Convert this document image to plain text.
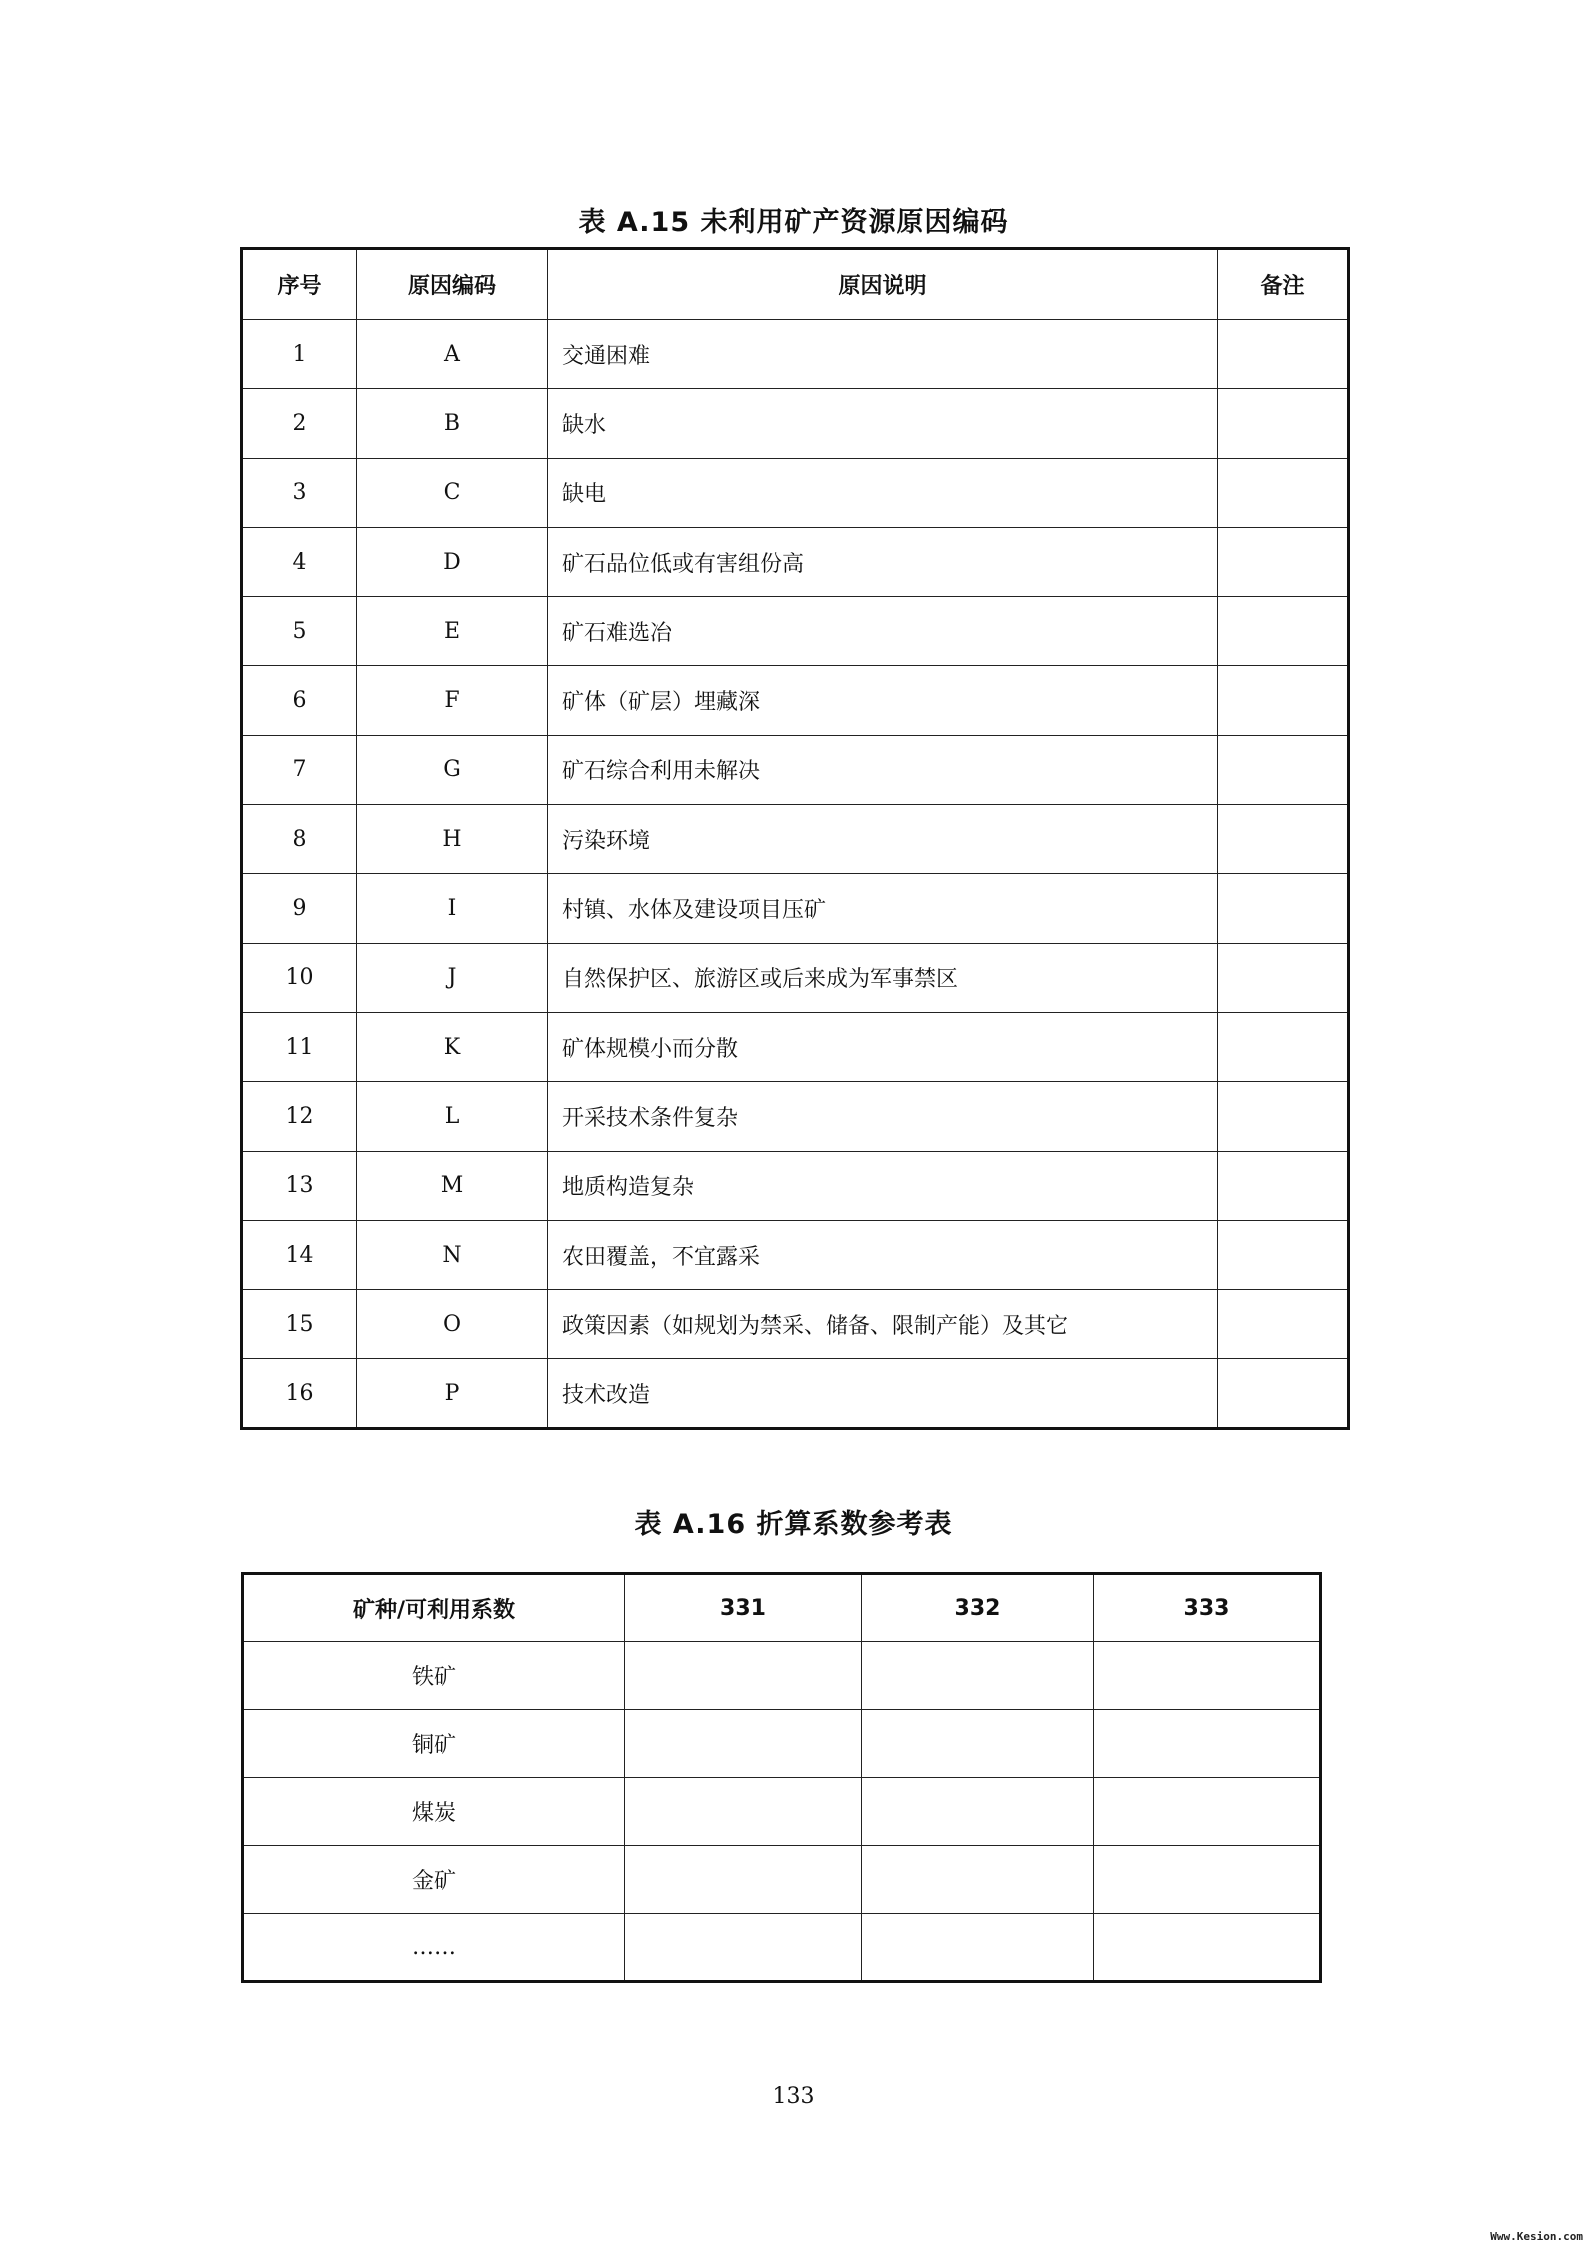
表 A.15 未利用矿产资源原因编码
序号	原因编码	原因说明	备注
1	A	交通困难	
2	B	缺水	
3	C	缺电	
4	D	矿石品位低或有害组份高	
5	E	矿石难选冶	
6	F	矿体（矿层）埋藏深	
7	G	矿石综合利用未解决	
8	H	污染环境	
9	I	村镇、水体及建设项目压矿	
10	J	自然保护区、旅游区或后来成为军事禁区	
11	K	矿体规模小而分散	
12	L	开采技术条件复杂	
13	M	地质构造复杂	
14	N	农田覆盖，不宜露采	
15	O	政策因素（如规划为禁采、储备、限制产能）及其它	
16	P	技术改造	
表 A.16 折算系数参考表
矿种/可利用系数	331	332	333
铁矿			
铜矿			
煤炭			
金矿			
……			
133
Www.Kesion.com
